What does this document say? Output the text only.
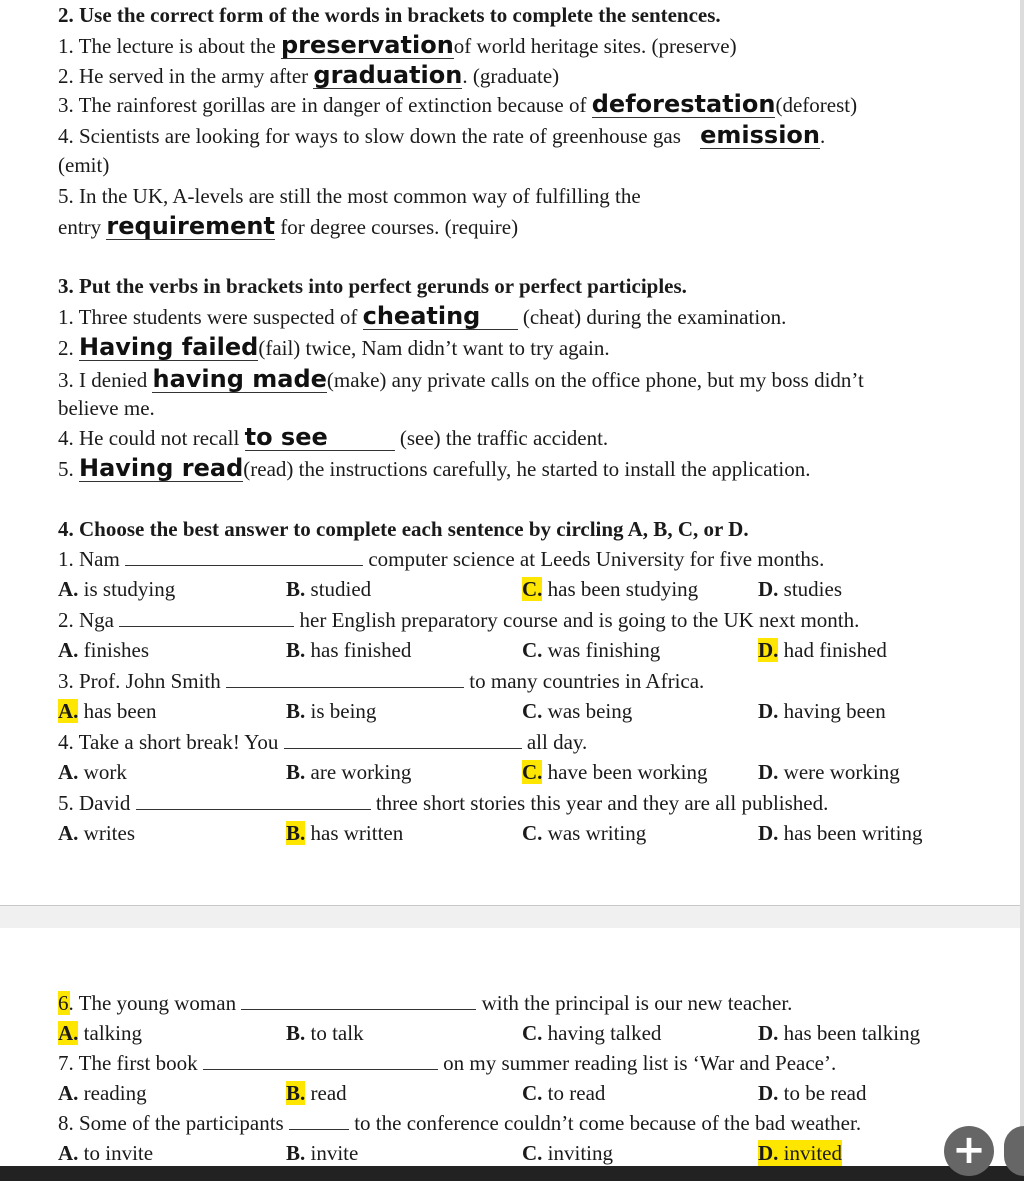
2. Use the correct form of the words in brackets to complete the sentences.
1. The lecture is about the preservationof world heritage sites. (preserve)
2. He served in the army after graduation. (graduate)
3. The rainforest gorillas are in danger of extinction because of deforestation(deforest)
4. Scientists are looking for ways to slow down the rate of greenhouse gas emission.
(emit)
5. In the UK, A-levels are still the most common way of fulfilling the
entry requirement for degree courses. (require)
3. Put the verbs in brackets into perfect gerunds or perfect participles.
1. Three students were suspected of cheating (cheat) during the examination.
2. Having failed(fail) twice, Nam didn’t want to try again.
3. I denied having made(make) any private calls on the office phone, but my boss didn’t
believe me.
4. He could not recall to see	(see) the traffic accident.
5. Having read(read) the instructions carefully, he started to install the application.
4. Choose the best answer to complete each sentence by circling A, B, C, or D.
1. Nam	computer science at Leeds University for five months.
A. is studying	B. studied	C. has been studying	D. studies
2. Nga	her English preparatory course and is going to the UK next month.
A. finishes	B. has finished	C. was finishing	D. had finished
3. Prof. John Smith	to many countries in Africa.
A. has been	B. is being	C. was being	D. having been
4. Take a short break! You	all day.
A. work	B. are working	C. have been working D. were working
5. David	three short stories this year and they are all published.
A. writes	B. has written	C. was writing	D. has been writing
6. The young woman	with the principal is our new teacher.
A. talking	B. to talk	C. having talked	D. has been talking
7. The first book	on my summer reading list is ‘War and Peace’.
A. reading	B. read	C. to read	D. to be read
8. Some of the participants	to the conference couldn’t come because of the bad weather.
A. to invite	B. invite	C. inviting	D. invited	+
